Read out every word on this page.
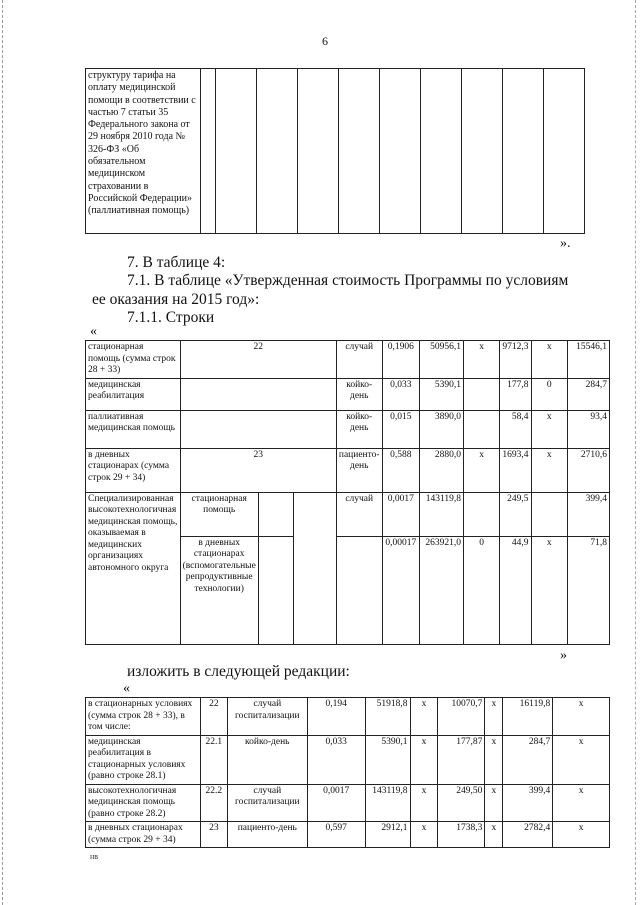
6
структуру тарифа на оплату медицинской помощи в соответствии с частью 7 статьи 35 Федерального закона от 29 ноября 2010 года № 326-ФЗ «Об обязательном медицинском страховании в Российской Федерации» (паллиативная помощь)										
».
7. В таблице 4:
7.1. В таблице «Утвержденная стоимость Программы по условиям ее оказания на 2015 год»:
7.1.1. Строки
«
стационарная помощь (сумма строк 28 + 33)	22			случай	0,1906	50956,1	х	9712,3	х	15546,1
медицинская реабилитация				койко-день	0,033	5390,1		177,8	0	284,7
паллиативная медицинская помощь				койко-день	0,015	3890,0		58,4	х	93,4
в дневных стационарах (сумма строк 29 + 34)	23			пациенто-день	0,588	2880,0	х	1693,4	х	2710,6
Специализированная высокотехнологичная медицинская помощь, оказываемая в медицинских организациях автономного округа	стационарная помощь			случай	0,0017	143119,8		249,5		399,4
	в дневных стационарах (вспомогательные репродуктивные технологии)				0,00017	263921,0	0	44,9	х	71,8
»
изложить в следующей редакции:
«
в стационарных условиях (сумма строк 28 + 33), в том числе:	22	случай госпитализации	0,194	51918,8	х	10070,7	х	16119,8	х
медицинская реабилитация в стационарных условиях (равно строке 28.1)	22.1	койко-день	0,033	5390,1	х	177,87	х	284,7	х
высокотехнологичная медицинская помощь (равно строке 28.2)	22.2	случай госпитализации	0,0017	143119,8	х	249,50	х	399,4	х
в дневных стационарах (сумма строк 29 + 34)	23	пациенто-день	0,597	2912,1	х	1738,3	х	2782,4	х
нв
